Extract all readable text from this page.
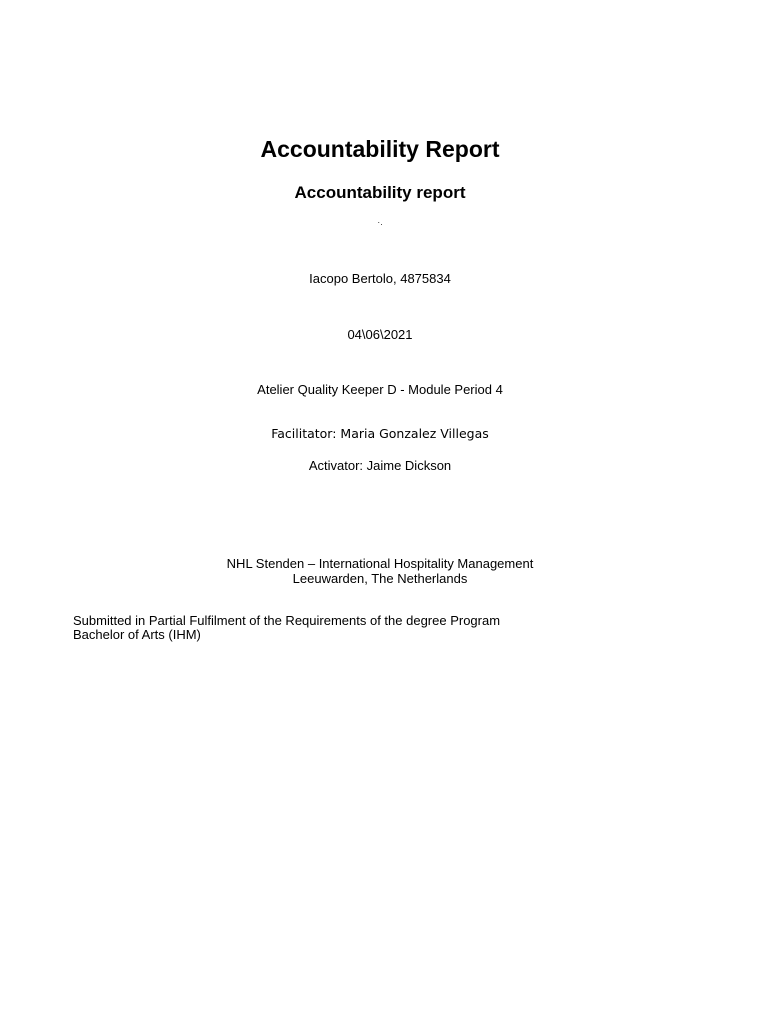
Accountability Report
Accountability report
·.
Iacopo Bertolo, 4875834
04\06\2021
Atelier Quality Keeper D - Module Period 4
Facilitator: Maria Gonzalez Villegas
Activator: Jaime Dickson
NHL Stenden – International Hospitality Management
Leeuwarden, The Netherlands
Submitted in Partial Fulfilment of the Requirements of the degree Program
Bachelor of Arts (IHM)
